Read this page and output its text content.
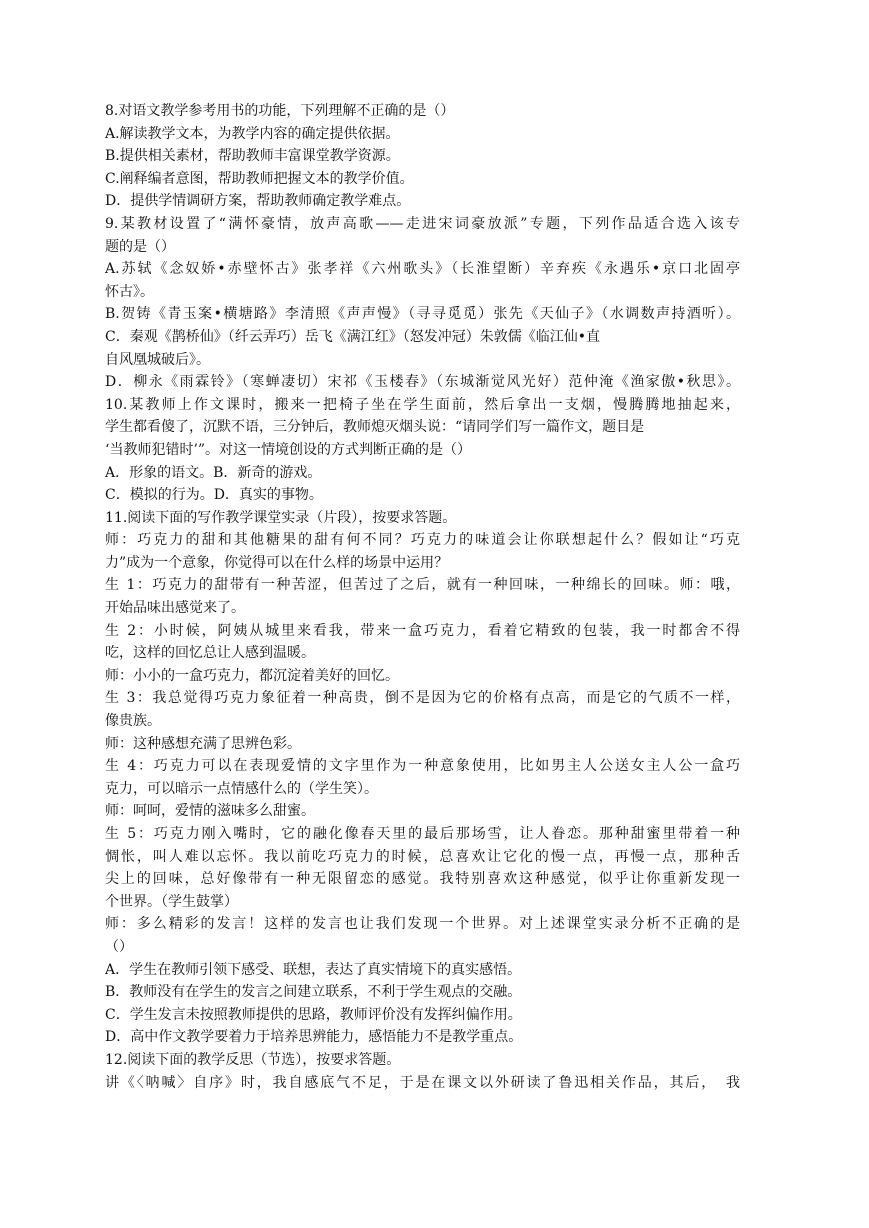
8.对语文教学参考用书的功能，下列理解不正确的是（）
A.解读教学文本，为教学内容的确定提供依据。
B.提供相关素材，帮助教师丰富课堂教学资源。
C.阐释编者意图，帮助教师把握文本的教学价值。
D．提供学情调研方案，帮助教师确定教学难点。
9.某教材设置了“满怀豪情，放声高歌——走进宋词豪放派”专题，下列作品适合选入该专
题的是（）
A.苏轼《念奴娇•赤壁怀古》张孝祥《六州歌头》（长淮望断）辛弃疾《永遇乐•京口北固亭
怀古》。
B.贺铸《青玉案•横塘路》李清照《声声慢》（寻寻觅觅）张先《天仙子》（水调数声持酒听）。
C．秦观《鹊桥仙》（纤云弄巧）岳飞《满江红》（怒发冲冠）朱敦儒《临江仙•直
自风凰城破后》。
D．柳永《雨霖铃》（寒蝉凄切）宋祁《玉楼春》（东城渐觉风光好）范仲淹《渔家傲•秋思》。
10.某教师上作文课时，搬来一把椅子坐在学生面前，然后拿出一支烟，慢腾腾地抽起来，
学生都看傻了，沉默不语，三分钟后，教师熄灭烟头说：“请同学们写一篇作文，题目是
‘当教师犯错时’”。对这一情境创设的方式判断正确的是（）
A．形象的语文。B．新奇的游戏。
C．模拟的行为。D．真实的事物。
11.阅读下面的写作教学课堂实录（片段），按要求答题。
师：巧克力的甜和其他糖果的甜有何不同？巧克力的味道会让你联想起什么？假如让“巧克
力”成为一个意象，你觉得可以在什么样的场景中运用？
生 1：巧克力的甜带有一种苦涩，但苦过了之后，就有一种回味，一种绵长的回味。师：哦，
开始品味出感觉来了。
生 2：小时候，阿姨从城里来看我，带来一盒巧克力，看着它精致的包装，我一时都舍不得
吃，这样的回忆总让人感到温暖。
师：小小的一盒巧克力，都沉淀着美好的回忆。
生 3：我总觉得巧克力象征着一种高贵，倒不是因为它的价格有点高，而是它的气质不一样，
像贵族。
师：这种感想充满了思辨色彩。
生 4：巧克力可以在表现爱情的文字里作为一种意象使用，比如男主人公送女主人公一盒巧
克力，可以暗示一点情感什么的（学生笑）。
师：呵呵，爱情的滋味多么甜蜜。
生 5：巧克力刚入嘴时，它的融化像春天里的最后那场雪，让人眷恋。那种甜蜜里带着一种
惆怅，叫人难以忘怀。我以前吃巧克力的时候，总喜欢让它化的慢一点，再慢一点，那种舌
尖上的回味，总好像带有一种无限留恋的感觉。我特别喜欢这种感觉，似乎让你重新发现一
个世界。（学生鼓掌）
师：多么精彩的发言！这样的发言也让我们发现一个世界。对上述课堂实录分析不正确的是
（）
A．学生在教师引领下感受、联想，表达了真实情境下的真实感悟。
B．教师没有在学生的发言之间建立联系，不利于学生观点的交融。
C．学生发言未按照教师提供的思路，教师评价没有发挥纠偏作用。
D．高中作文教学要着力于培养思辨能力，感悟能力不是教学重点。
12.阅读下面的教学反思（节选），按要求答题。
讲《〈呐喊〉自序》时，我自感底气不足，于是在课文以外研读了鲁迅相关作品，其后，　我
